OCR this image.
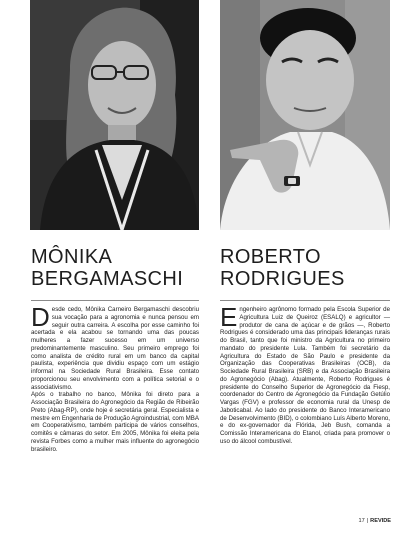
MÔNIKA
BERGAMASCHI
ROBERTO
RODRIGUES

Desde cedo, Mônika Carneiro Bergamaschi descobriu sua vocação para a agronomia e nunca pensou em seguir outra carreira. A escolha por esse caminho foi acertada e ela acabou se tornando uma das poucas mulheres a fazer sucesso em um universo predominantemente masculino. Seu primeiro emprego foi como analista de crédito rural em um banco da capital paulista, experiência que dividiu espaço com um estágio informal na Sociedade Rural Brasileira. Esse contato proporcionou seu envolvimento com a política setorial e o associativismo.

Após o trabalho no banco, Mônika foi direto para a Associação Brasileira do Agronegócio da Região de Ribeirão Preto (Abag-RP), onde hoje é secretária geral. Especialista e mestre em Engenharia de Produção Agroindustrial, com MBA em Cooperativismo, também participa de vários conselhos, comitês e câmaras do setor. Em 2005, Mônika foi eleita pela revista Forbes como a mulher mais influente do agronegócio brasileiro.

Engenheiro agrônomo formado pela Escola Superior de Agricultura Luiz de Queiroz (ESALQ) e agricultor — produtor de cana de açúcar e de grãos —, Roberto Rodrigues é considerado uma das principais lideranças rurais do Brasil, tanto que foi ministro da Agricultura no primeiro mandato do presidente Lula. Também foi secretário da Agricultura do Estado de São Paulo e presidente da Organização das Cooperativas Brasileiras (OCB), da Sociedade Rural Brasileira (SRB) e da Associação Brasileira do Agronegócio (Abag). Atualmente, Roberto Rodrigues é presidente do Conselho Superior de Agronegócio da Fiesp, coordenador do Centro de Agronegócio da Fundação Getúlio Vargas (FGV) e professor de economia rural da Unesp de Jaboticabal. Ao lado do presidente do Banco Interamericano de Desenvolvimento (BID), o colombiano Luís Alberto Moreno, e do ex-governador da Flórida, Jeb Bush, comanda a Comissão Interamericana do Etanol, criada para promover o uso do álcool combustível.

17 | REVIDE
